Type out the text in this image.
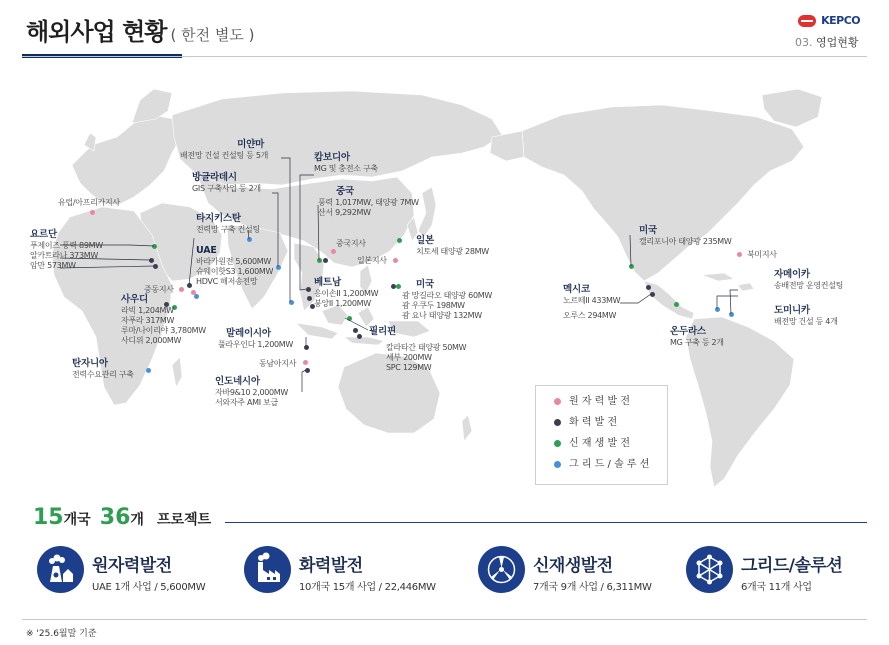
해외사업 현황 ( 한전 별도 )
KEPCO
03. 영업현황
유럽/아프리카지사
요르단
푸제이즈 풍력 89MW
알카트라나 373MW
암만 573MW
중동지사
UAE
바라카원전 5,600MW
슈웨이핫S3 1,600MW
HDVC 해저송전망
사우디
라빅 1,204MW
자푸라 317MW
루마/나이리야 3,780MW
사디위 2,000MW
탄자니아
전력수요관리 구축
타지키스탄
전력망 구축 컨설팅
방글라데시
GIS 구축사업 등 2개
미얀마
배전망 건설 컨설팅 등 5개	캄보디아
MG 및 충전소 구축
중국
풍력 1,017MW, 태양광 7MW
산서 9,292MW
중국지사	일본
치토세 태양광 28MW
일본지사
베트남
응이손II 1,200MW
붕앙II 1,200MW
미국
괌 망길라오 태양광 60MW
괌 우쿠두 198MW
괌 요나 태양광 132MW
필리핀
칼라타간 태양광 50MW
세부 200MW
SPC 129MW
말레이시아
풀라우인다 1,200MW
동남아지사
인도네시아
자바9&10 2,000MW
서와자주 AMI 보급
미국
캘리포니아 태양광 235MW
북미지사
멕시코
노르떼II 433MW
오루스 294MW
온두라스
MG 구축 등 2개
자메이카
송배전망 운영컨설팅
도미니카
배전망 건설 등 4개
원 자 력 발 전
화 력 발 전
신 재 생 발 전
그 리 드 / 솔 루 션
15개국 36개 프로젝트
원자력발전
UAE 1개 사업 / 5,600MW
화력발전
10개국 15개 사업 / 22,446MW
신재생발전
7개국 9개 사업 / 6,311MW
그리드/솔루션
6개국 11개 사업
※ '25.6월말 기준
